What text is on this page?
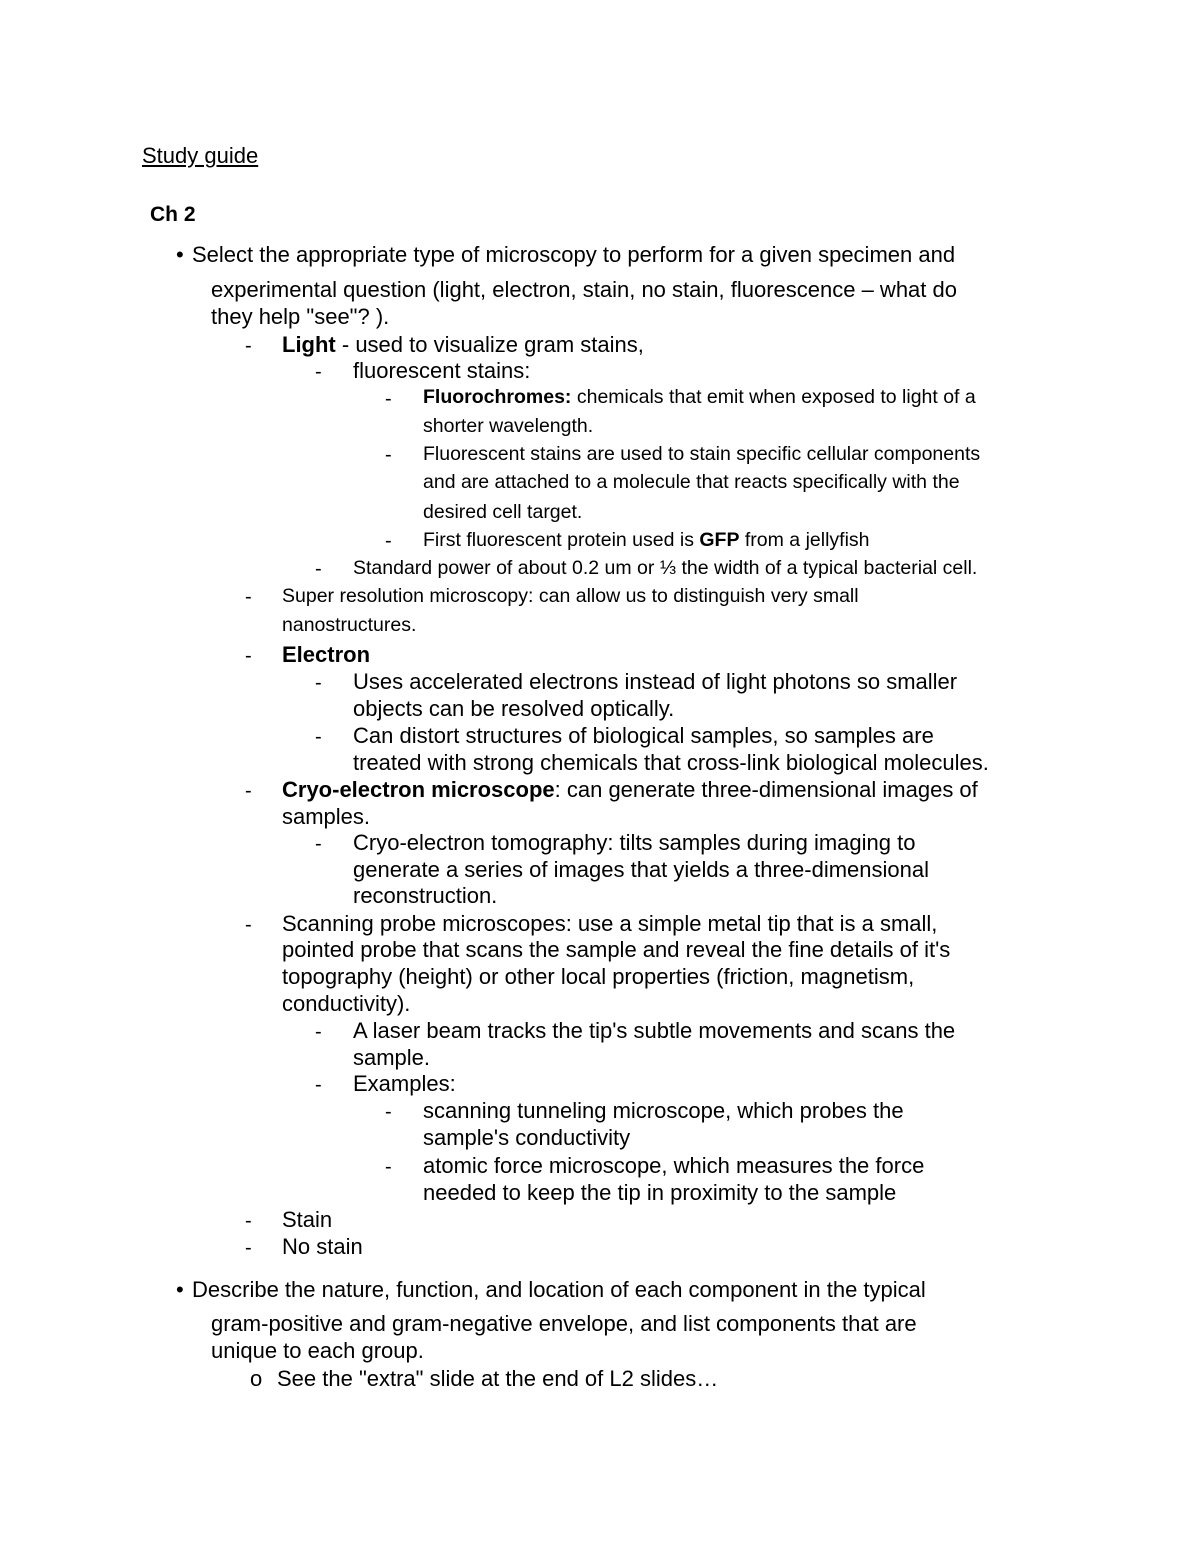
Study guide
Ch 2
• Select the appropriate type of microscopy to perform for a given specimen and
experimental question (light, electron, stain, no stain, fluorescence – what do
they help "see"? ).
- Light - used to visualize gram stains,
- fluorescent stains:
- Fluorochromes: chemicals that emit when exposed to light of a
shorter wavelength.
- Fluorescent stains are used to stain specific cellular components
and are attached to a molecule that reacts specifically with the
desired cell target.
- First fluorescent protein used is GFP from a jellyfish
- Standard power of about 0.2 um or ⅓ the width of a typical bacterial cell.
- Super resolution microscopy: can allow us to distinguish very small
nanostructures.
- Electron
- Uses accelerated electrons instead of light photons so smaller
objects can be resolved optically.
- Can distort structures of biological samples, so samples are
treated with strong chemicals that cross-link biological molecules.
- Cryo-electron microscope: can generate three-dimensional images of
samples.
- Cryo-electron tomography: tilts samples during imaging to
generate a series of images that yields a three-dimensional
reconstruction.
- Scanning probe microscopes: use a simple metal tip that is a small,
pointed probe that scans the sample and reveal the fine details of it's
topography (height) or other local properties (friction, magnetism,
conductivity).
- A laser beam tracks the tip's subtle movements and scans the
sample.
- Examples:
- scanning tunneling microscope, which probes the
sample's conductivity
- atomic force microscope, which measures the force
needed to keep the tip in proximity to the sample
- Stain
- No stain
• Describe the nature, function, and location of each component in the typical
gram-positive and gram-negative envelope, and list components that are
unique to each group.
o See the "extra" slide at the end of L2 slides…
